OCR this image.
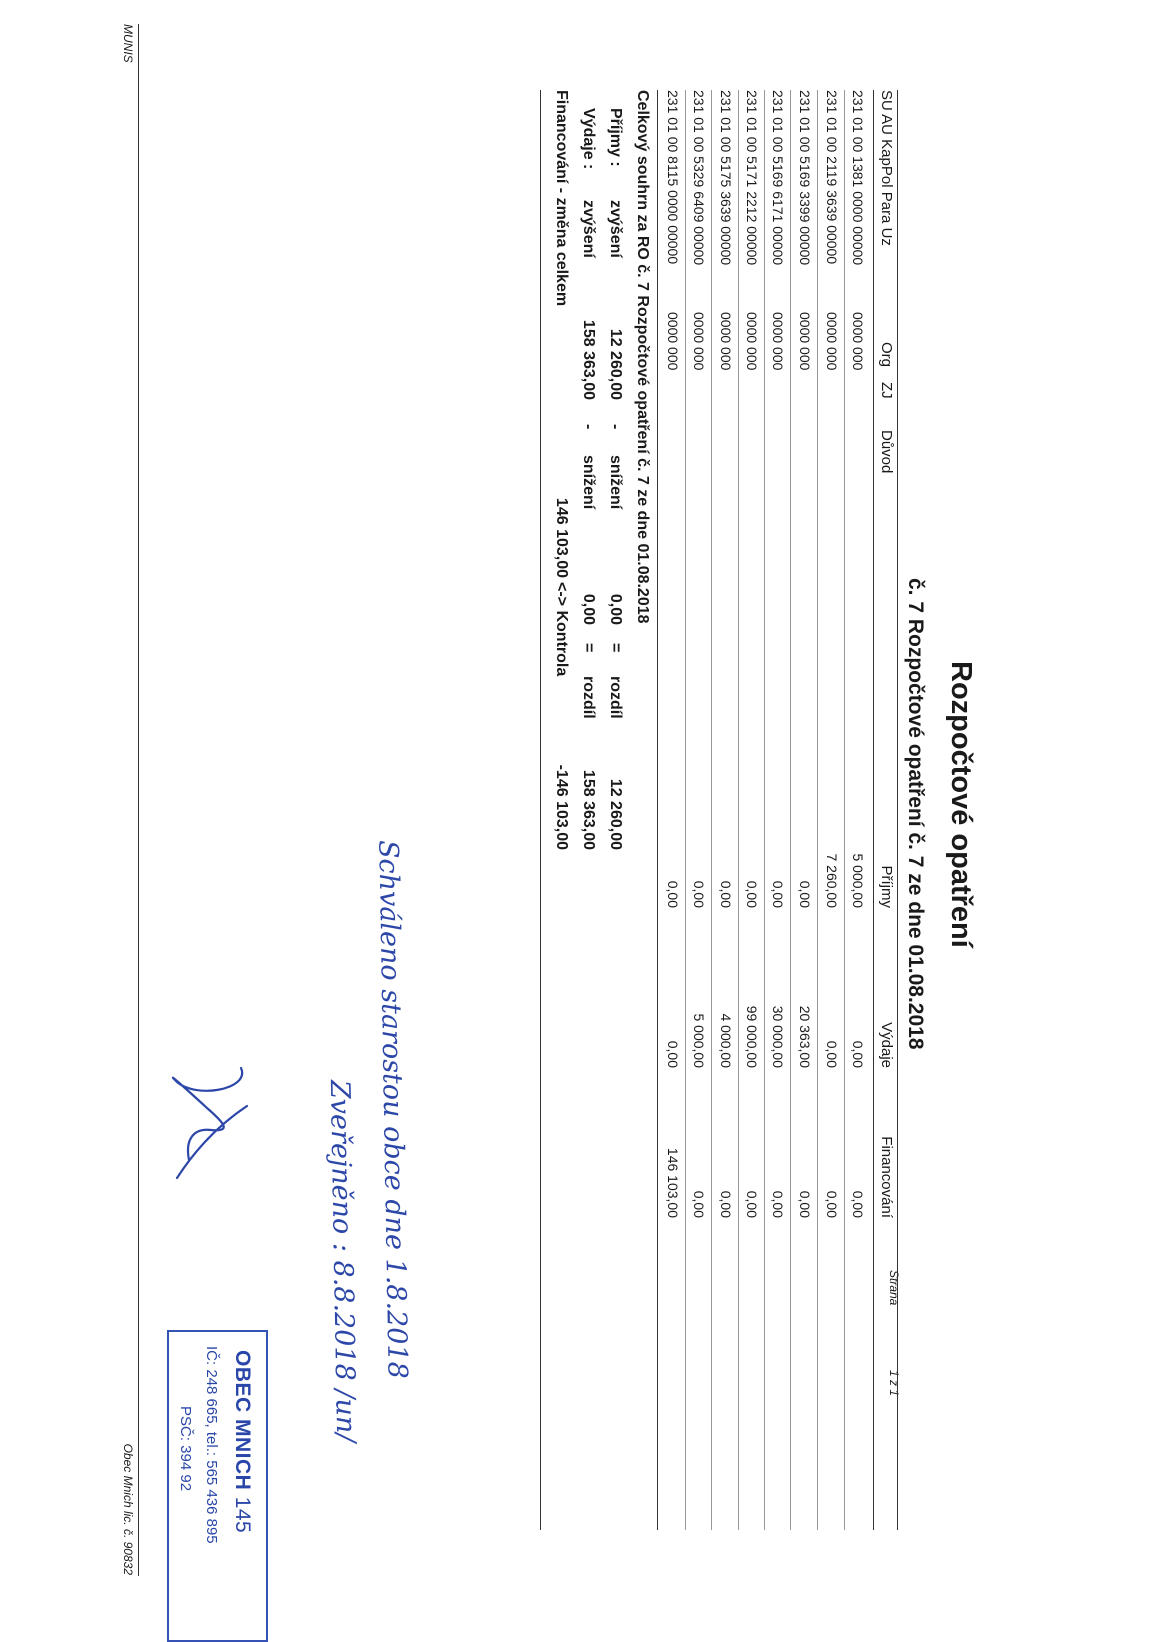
Strana
1 z 1
Rozpočtové opatření
č. 7 Rozpočtové opatření č. 7 ze dne 01.08.2018
SU AU KapPol Para Uz
Org
ZJ
Důvod
Příjmy
Výdaje
Financování
231 01 00 1381 0000 00000
0000 000
5 000,00
0,00
0,00
231 01 00 2119 3639 00000
0000 000
7 260,00
0,00
0,00
231 01 00 5169 3399 00000
0000 000
0,00
20 363,00
0,00
231 01 00 5169 6171 00000
0000 000
0,00
30 000,00
0,00
231 01 00 5171 2212 00000
0000 000
0,00
99 000,00
0,00
231 01 00 5175 3639 00000
0000 000
0,00
4 000,00
0,00
231 01 00 5329 6409 00000
0000 000
0,00
5 000,00
0,00
231 01 00 8115 0000 00000
0000 000
0,00
0,00
146 103,00
Celkový souhrn za RO č. 7 Rozpočtové opatření č. 7 ze dne 01.08.2018
Příjmy :
zvýšení
12 260,00
-
snížení
0,00
=
rozdíl
12 260,00
Výdaje :
zvýšení
158 363,00
-
snížení
0,00
=
rozdíl
158 363,00
Financování - změna celkem
146 103,00
<-> Kontrola
-146 103,00
Schváleno starostou obce dne 1.8.2018
Zveřejněno : 8.8.2018 /un/
OBEC MNICH 145
IČ: 248 665, tel.: 565 436 895
PSČ: 394 92
MUNIS
Obec Mnich lic. č. 90832
